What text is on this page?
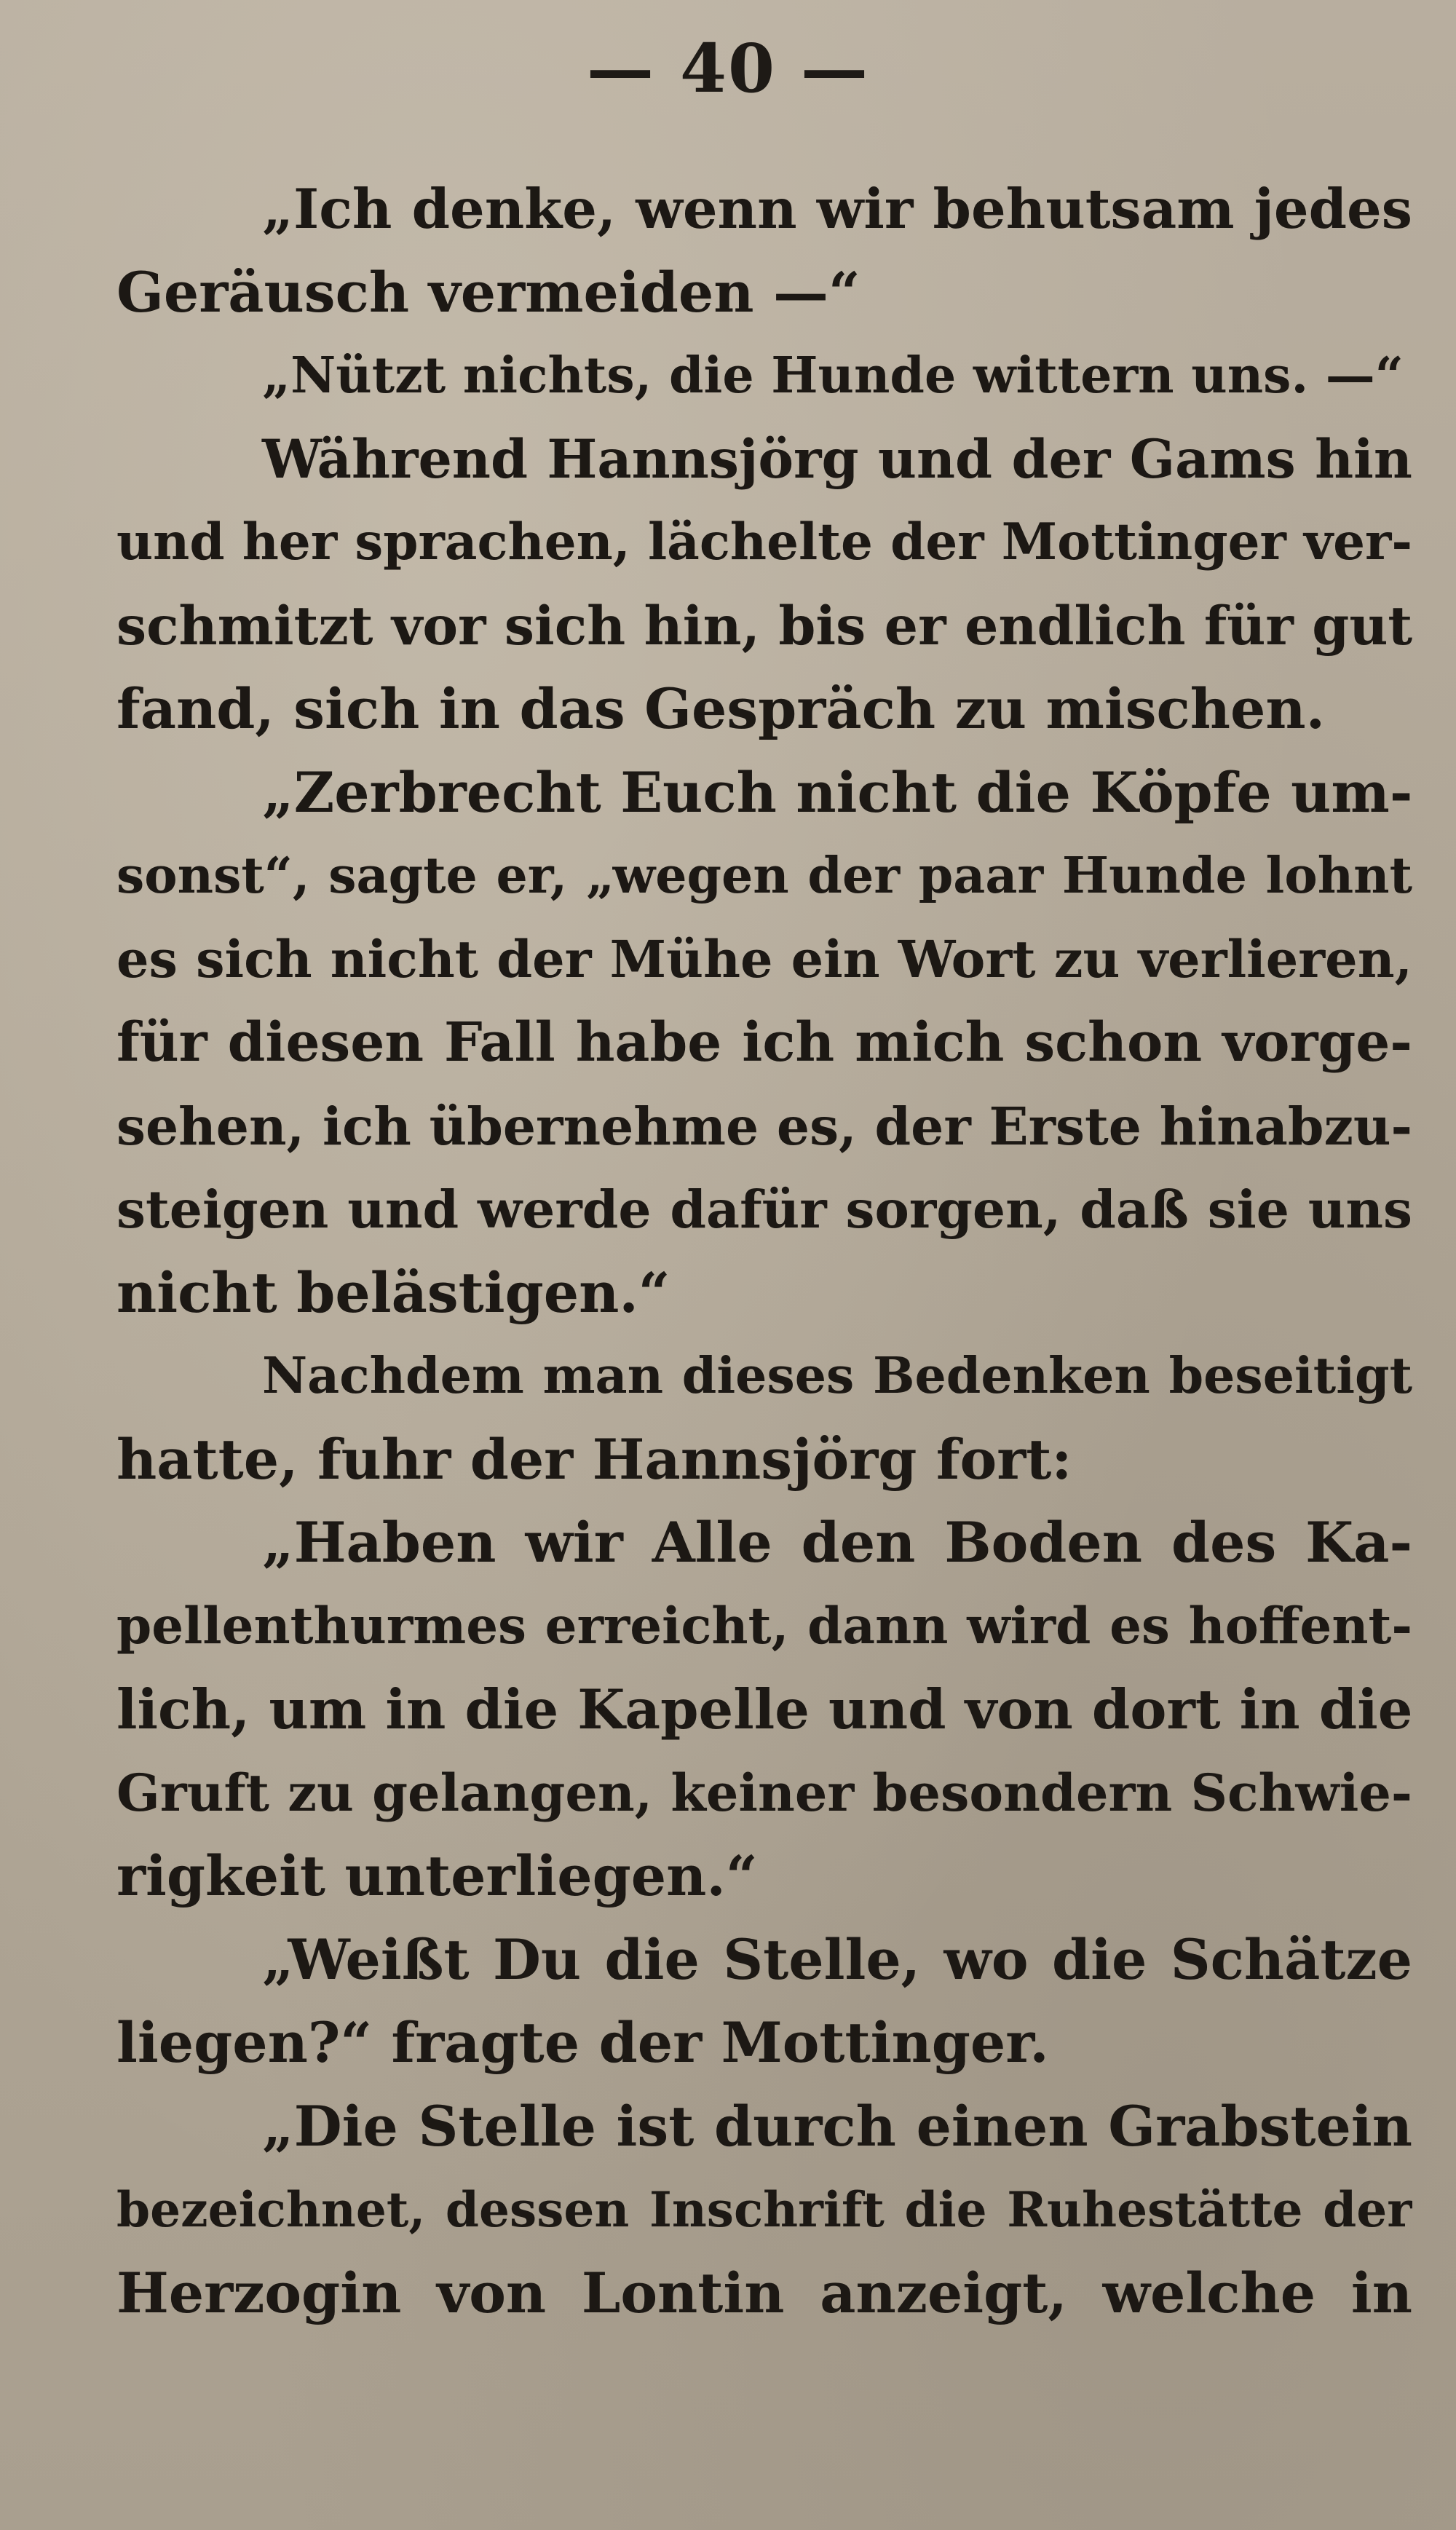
— 40 —
„Ich denke, wenn wir behutsam jedes
Geräusch vermeiden —“
„Nützt nichts, die Hunde wittern uns. —“
Während Hannsjörg und der Gams hin
und her sprachen, lächelte der Mottinger ver-
schmitzt vor sich hin, bis er endlich für gut
fand, sich in das Gespräch zu mischen.
„Zerbrecht Euch nicht die Köpfe um-
sonst“, sagte er, „wegen der paar Hunde lohnt
es sich nicht der Mühe ein Wort zu verlieren,
für diesen Fall habe ich mich schon vorge-
sehen, ich übernehme es, der Erste hinabzu-
steigen und werde dafür sorgen, daß sie uns
nicht belästigen.“
Nachdem man dieses Bedenken beseitigt
hatte, fuhr der Hannsjörg fort:
„Haben wir Alle den Boden des Ka-
pellenthurmes erreicht, dann wird es hoffent-
lich, um in die Kapelle und von dort in die
Gruft zu gelangen, keiner besondern Schwie-
rigkeit unterliegen.“
„Weißt Du die Stelle, wo die Schätze
liegen?“ fragte der Mottinger.
„Die Stelle ist durch einen Grabstein
bezeichnet, dessen Inschrift die Ruhestätte der
Herzogin von Lontin anzeigt, welche in
